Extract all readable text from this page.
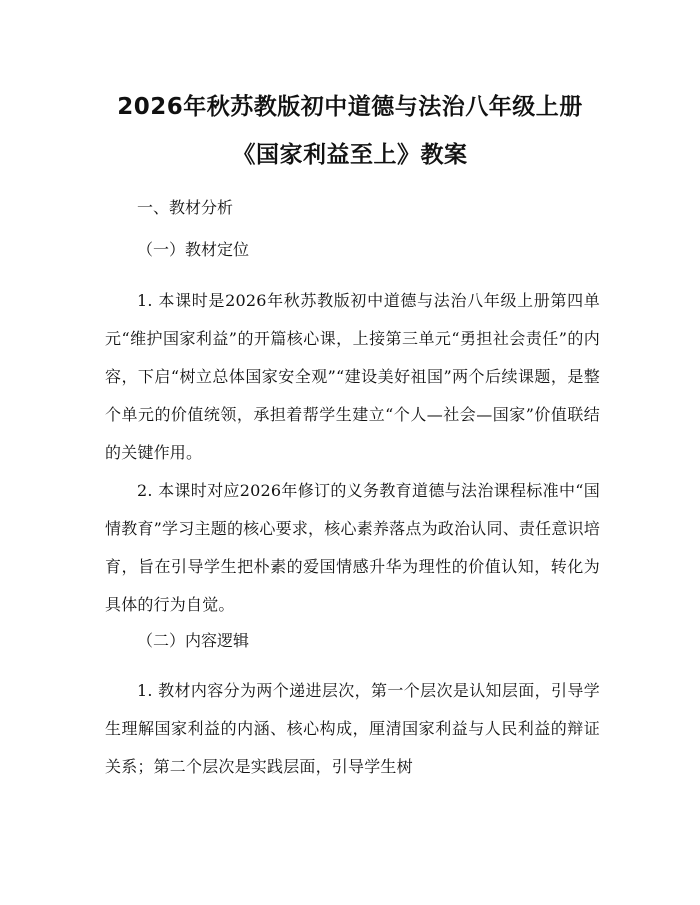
2026年秋苏教版初中道德与法治八年级上册
《国家利益至上》教案

一、教材分析

（一）教材定位

1. 本课时是2026年秋苏教版初中道德与法治八年级上册第四单元“维护国家利益”的开篇核心课，上接第三单元“勇担社会责任”的内容，下启“树立总体国家安全观”“建设美好祖国”两个后续课题，是整个单元的价值统领，承担着帮学生建立“个人—社会—国家”价值联结的关键作用。

2. 本课时对应2026年修订的义务教育道德与法治课程标准中“国情教育”学习主题的核心要求，核心素养落点为政治认同、责任意识培育，旨在引导学生把朴素的爱国情感升华为理性的价值认知，转化为具体的行为自觉。

（二）内容逻辑

1. 教材内容分为两个递进层次，第一个层次是认知层面，引导学生理解国家利益的内涵、核心构成，厘清国家利益与人民利益的辩证关系；第二个层次是实践层面，引导学生树
